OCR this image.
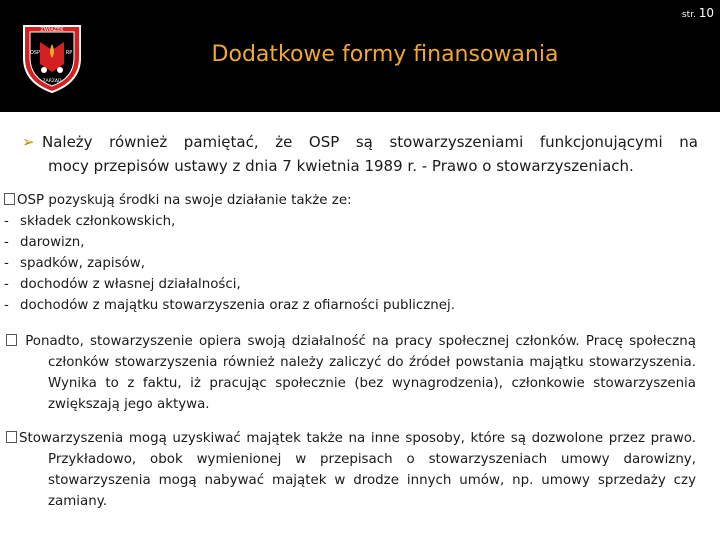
str. 10
ZWIĄZEK
OSP	RP
ZARZĄD
Dodatkowe formy finansowania
➢ Należy również pamiętać, że OSP są stowarzyszeniami funkcjonującymi na
mocy przepisów ustawy z dnia 7 kwietnia 1989 r. - Prawo o stowarzyszeniach.
OSP pozyskują środki na swoje działanie także ze:
- składek członkowskich,
- darowizn,
- spadków, zapisów,
- dochodów z własnej działalności,
- dochodów z majątku stowarzyszenia oraz z ofiarności publicznej.
Ponadto, stowarzyszenie opiera swoją działalność na pracy społecznej członków. Pracę społeczną członków stowarzyszenia również należy zaliczyć do źródeł powstania majątku stowarzyszenia. Wynika to z faktu, iż pracując społecznie (bez wynagrodzenia), członkowie stowarzyszenia zwiększają jego aktywa.
Stowarzyszenia mogą uzyskiwać majątek także na inne sposoby, które są dozwolone przez prawo. Przykładowo, obok wymienionej w przepisach o stowarzyszeniach umowy darowizny, stowarzyszenia mogą nabywać majątek w drodze innych umów, np. umowy sprzedaży czy zamiany.
